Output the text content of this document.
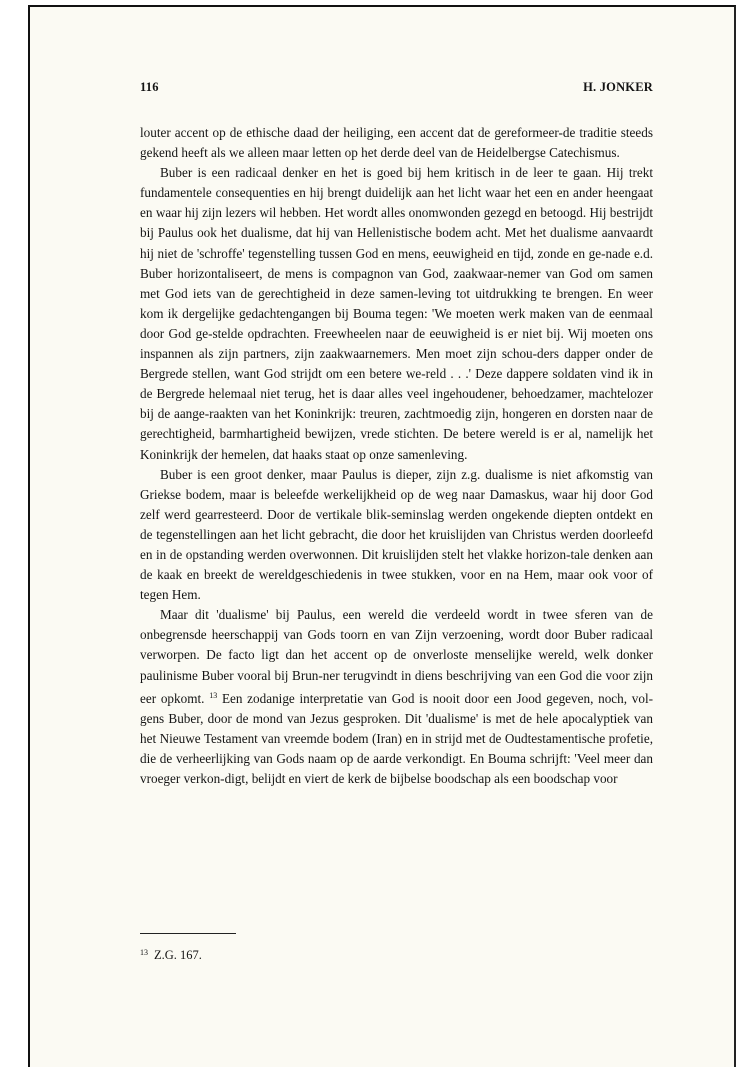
116	H. JONKER

louter accent op de ethische daad der heiliging, een accent dat de gereformeer-de traditie steeds gekend heeft als we alleen maar letten op het derde deel van de Heidelbergse Catechismus.

Buber is een radicaal denker en het is goed bij hem kritisch in de leer te gaan. Hij trekt fundamentele consequenties en hij brengt duidelijk aan het licht waar het een en ander heengaat en waar hij zijn lezers wil hebben. Het wordt alles onomwonden gezegd en betoogd. Hij bestrijdt bij Paulus ook het dualisme, dat hij van Hellenistische bodem acht. Met het dualisme aanvaardt hij niet de 'schroffe' tegenstelling tussen God en mens, eeuwigheid en tijd, zonde en ge-nade e.d. Buber horizontaliseert, de mens is compagnon van God, zaakwaar-nemer van God om samen met God iets van de gerechtigheid in deze samen-leving tot uitdrukking te brengen. En weer kom ik dergelijke gedachtengangen bij Bouma tegen: 'We moeten werk maken van de eenmaal door God ge-stelde opdrachten. Freewheelen naar de eeuwigheid is er niet bij. Wij moeten ons inspannen als zijn partners, zijn zaakwaarnemers. Men moet zijn schou-ders dapper onder de Bergrede stellen, want God strijdt om een betere we-reld . . .' Deze dappere soldaten vind ik in de Bergrede helemaal niet terug, het is daar alles veel ingehoudener, behoedzamer, machtelozer bij de aange-raakten van het Koninkrijk: treuren, zachtmoedig zijn, hongeren en dorsten naar de gerechtigheid, barmhartigheid bewijzen, vrede stichten. De betere wereld is er al, namelijk het Koninkrijk der hemelen, dat haaks staat op onze samenleving.

Buber is een groot denker, maar Paulus is dieper, zijn z.g. dualisme is niet afkomstig van Griekse bodem, maar is beleefde werkelijkheid op de weg naar Damaskus, waar hij door God zelf werd gearresteerd. Door de vertikale blik-seminslag werden ongekende diepten ontdekt en de tegenstellingen aan het licht gebracht, die door het kruislijden van Christus werden doorleefd en in de opstanding werden overwonnen. Dit kruislijden stelt het vlakke horizon-tale denken aan de kaak en breekt de wereldgeschiedenis in twee stukken, voor en na Hem, maar ook voor of tegen Hem.

Maar dit 'dualisme' bij Paulus, een wereld die verdeeld wordt in twee sferen van de onbegrensde heerschappij van Gods toorn en van Zijn verzoening, wordt door Buber radicaal verworpen. De facto ligt dan het accent op de onverloste menselijke wereld, welk donker paulinisme Buber vooral bij Brun-ner terugvindt in diens beschrijving van een God die voor zijn eer opkomt. $^{13}$ Een zodanige interpretatie van God is nooit door een Jood gegeven, noch, vol-gens Buber, door de mond van Jezus gesproken. Dit 'dualisme' is met de hele apocalyptiek van het Nieuwe Testament van vreemde bodem (Iran) en in strijd met de Oudtestamentische profetie, die de verheerlijking van Gods naam op de aarde verkondigt. En Bouma schrijft: 'Veel meer dan vroeger verkon-digt, belijdt en viert de kerk de bijbelse boodschap als een boodschap voor

$^{13}$ Z.G. 167.
